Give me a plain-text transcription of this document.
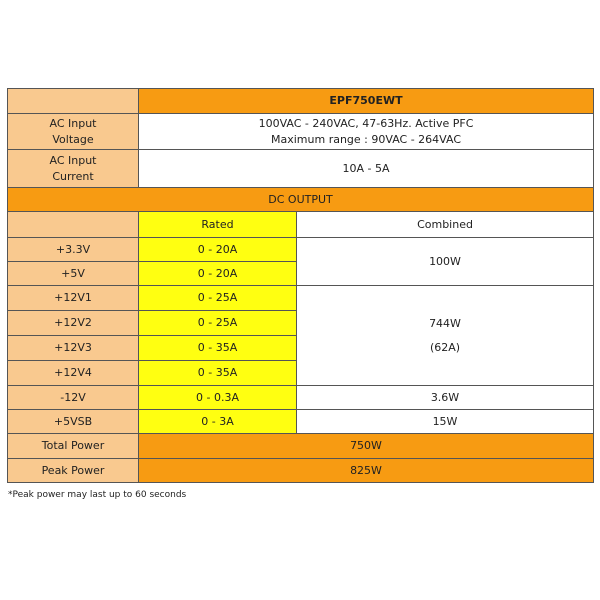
	EPF750EWT	

AC Input
Voltage	100VAC - 240VAC, 47-63Hz. Active PFC
Maximum range : 90VAC - 264VAC	

AC Input
Current	10A - 5A	
DC OUTPUT		
	Rated	Combined
+3.3V	0 - 20A	100W
+5V	0 - 20A	
+12V1	0 - 25A	744W
(62A)

+12V2	0 - 25A	
+12V3	0 - 35A	
+12V4	0 - 35A	
-12V	0 - 0.3A	3.6W
+5VSB	0 - 3A	15W
Total Power	750W	
Peak Power	825W	
*Peak power may last up to 60 seconds
